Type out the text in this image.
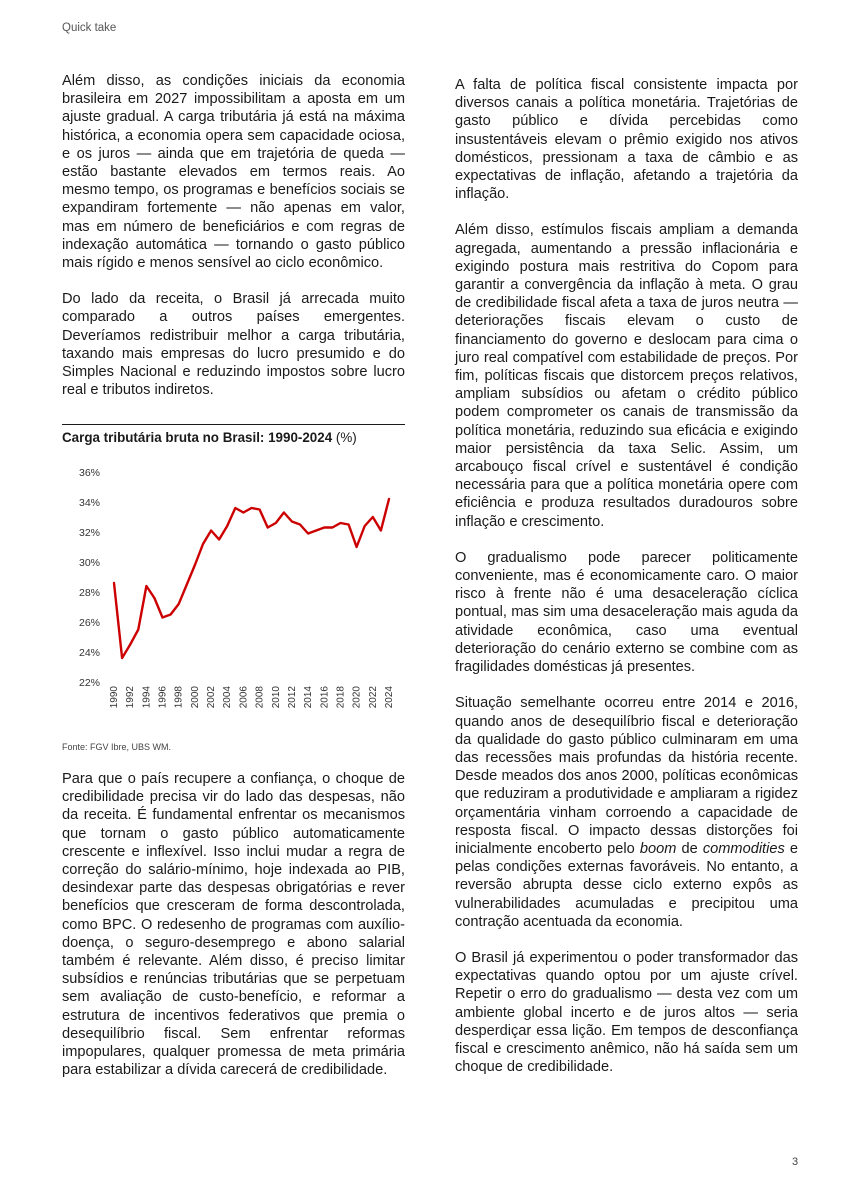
Quick take

Além disso, as condições iniciais da economia brasileira em 2027 impossibilitam a aposta em um ajuste gradual. A carga tributária já está na máxima histórica, a economia opera sem capacidade ociosa, e os juros — ainda que em trajetória de queda — estão bastante elevados em termos reais. Ao mesmo tempo, os programas e benefícios sociais se expandiram fortemente — não apenas em valor, mas em número de beneficiários e com regras de indexação automática — tornando o gasto público mais rígido e menos sensível ao ciclo econômico.

Do lado da receita, o Brasil já arrecada muito comparado a outros países emergentes. Deveríamos redistribuir melhor a carga tributária, taxando mais empresas do lucro presumido e do Simples Nacional e reduzindo impostos sobre lucro real e tributos indiretos.

Carga tributária bruta no Brasil: 1990-2024 (%)
36%
34%
32%
30%
28%
26%
24%
22%
1990 1992 1994 1996 1998 2000 2002 2004 2006 2008 2010 2012 2014 2016 2018 2020 2022 2024
Fonte: FGV Ibre, UBS WM.

Para que o país recupere a confiança, o choque de credibilidade precisa vir do lado das despesas, não da receita. É fundamental enfrentar os mecanismos que tornam o gasto público automaticamente crescente e inflexível. Isso inclui mudar a regra de correção do salário-mínimo, hoje indexada ao PIB, desindexar parte das despesas obrigatórias e rever benefícios que cresceram de forma descontrolada, como BPC. O redesenho de programas com auxílio-doença, o seguro-desemprego e abono salarial também é relevante. Além disso, é preciso limitar subsídios e renúncias tributárias que se perpetuam sem avaliação de custo-benefício, e reformar a estrutura de incentivos federativos que premia o desequilíbrio fiscal. Sem enfrentar reformas impopulares, qualquer promessa de meta primária para estabilizar a dívida carecerá de credibilidade.

A falta de política fiscal consistente impacta por diversos canais a política monetária. Trajetórias de gasto público e dívida percebidas como insustentáveis elevam o prêmio exigido nos ativos domésticos, pressionam a taxa de câmbio e as expectativas de inflação, afetando a trajetória da inflação.

Além disso, estímulos fiscais ampliam a demanda agregada, aumentando a pressão inflacionária e exigindo postura mais restritiva do Copom para garantir a convergência da inflação à meta. O grau de credibilidade fiscal afeta a taxa de juros neutra — deteriorações fiscais elevam o custo de financiamento do governo e deslocam para cima o juro real compatível com estabilidade de preços. Por fim, políticas fiscais que distorcem preços relativos, ampliam subsídios ou afetam o crédito público podem comprometer os canais de transmissão da política monetária, reduzindo sua eficácia e exigindo maior persistência da taxa Selic. Assim, um arcabouço fiscal crível e sustentável é condição necessária para que a política monetária opere com eficiência e produza resultados duradouros sobre inflação e crescimento.

O gradualismo pode parecer politicamente conveniente, mas é economicamente caro. O maior risco à frente não é uma desaceleração cíclica pontual, mas sim uma desaceleração mais aguda da atividade econômica, caso uma eventual deterioração do cenário externo se combine com as fragilidades domésticas já presentes.

Situação semelhante ocorreu entre 2014 e 2016, quando anos de desequilíbrio fiscal e deterioração da qualidade do gasto público culminaram em uma das recessões mais profundas da história recente. Desde meados dos anos 2000, políticas econômicas que reduziram a produtividade e ampliaram a rigidez orçamentária vinham corroendo a capacidade de resposta fiscal. O impacto dessas distorções foi inicialmente encoberto pelo boom de commodities e pelas condições externas favoráveis. No entanto, a reversão abrupta desse ciclo externo expôs as vulnerabilidades acumuladas e precipitou uma contração acentuada da economia.

O Brasil já experimentou o poder transformador das expectativas quando optou por um ajuste crível. Repetir o erro do gradualismo — desta vez com um ambiente global incerto e de juros altos — seria desperdiçar essa lição. Em tempos de desconfiança fiscal e crescimento anêmico, não há saída sem um choque de credibilidade.

3
